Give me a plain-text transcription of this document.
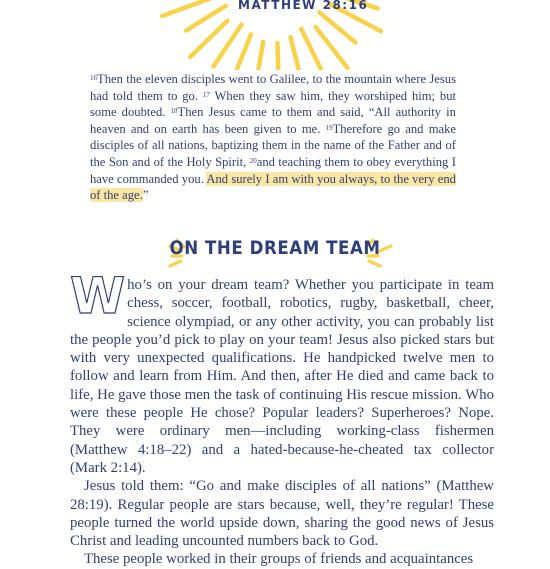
MATTHEW 28:16

$^{16}$Then the eleven disciples went to Galilee, to the mountain where Jesus had told them to go. $^{17}$ When they saw him, they worshiped him; but some doubted. $^{18}$Then Jesus came to them and said, “All authority in heaven and on earth has been given to me. $^{19}$Therefore go and make disciples of all nations, baptizing them in the name of the Father and of the Son and of the Holy Spirit, $^{20}$and teaching them to obey everything I have commanded you. And surely I am with you always, to the very end of the age.”

ON THE DREAM TEAM

Who’s on your dream team? Whether you participate in team chess, soccer, football, robotics, rugby, basketball, cheer, science olympiad, or any other activity, you can probably list the people you’d pick to play on your team! Jesus also picked stars but with very unexpected qualifications. He handpicked twelve men to follow and learn from Him. And then, after He died and came back to life, He gave those men the task of continuing His rescue mission. Who were these people He chose? Popular leaders? Superheroes? Nope. They were ordinary men—including working-class fishermen (Matthew 4:18–22) and a hated-because-he-cheated tax collector (Mark 2:14).
Jesus told them: “Go and make disciples of all nations” (Matthew 28:19). Regular people are stars because, well, they’re regular! These people turned the world upside down, sharing the good news of Jesus Christ and leading uncounted numbers back to God.
These people worked in their groups of friends and acquaintances
